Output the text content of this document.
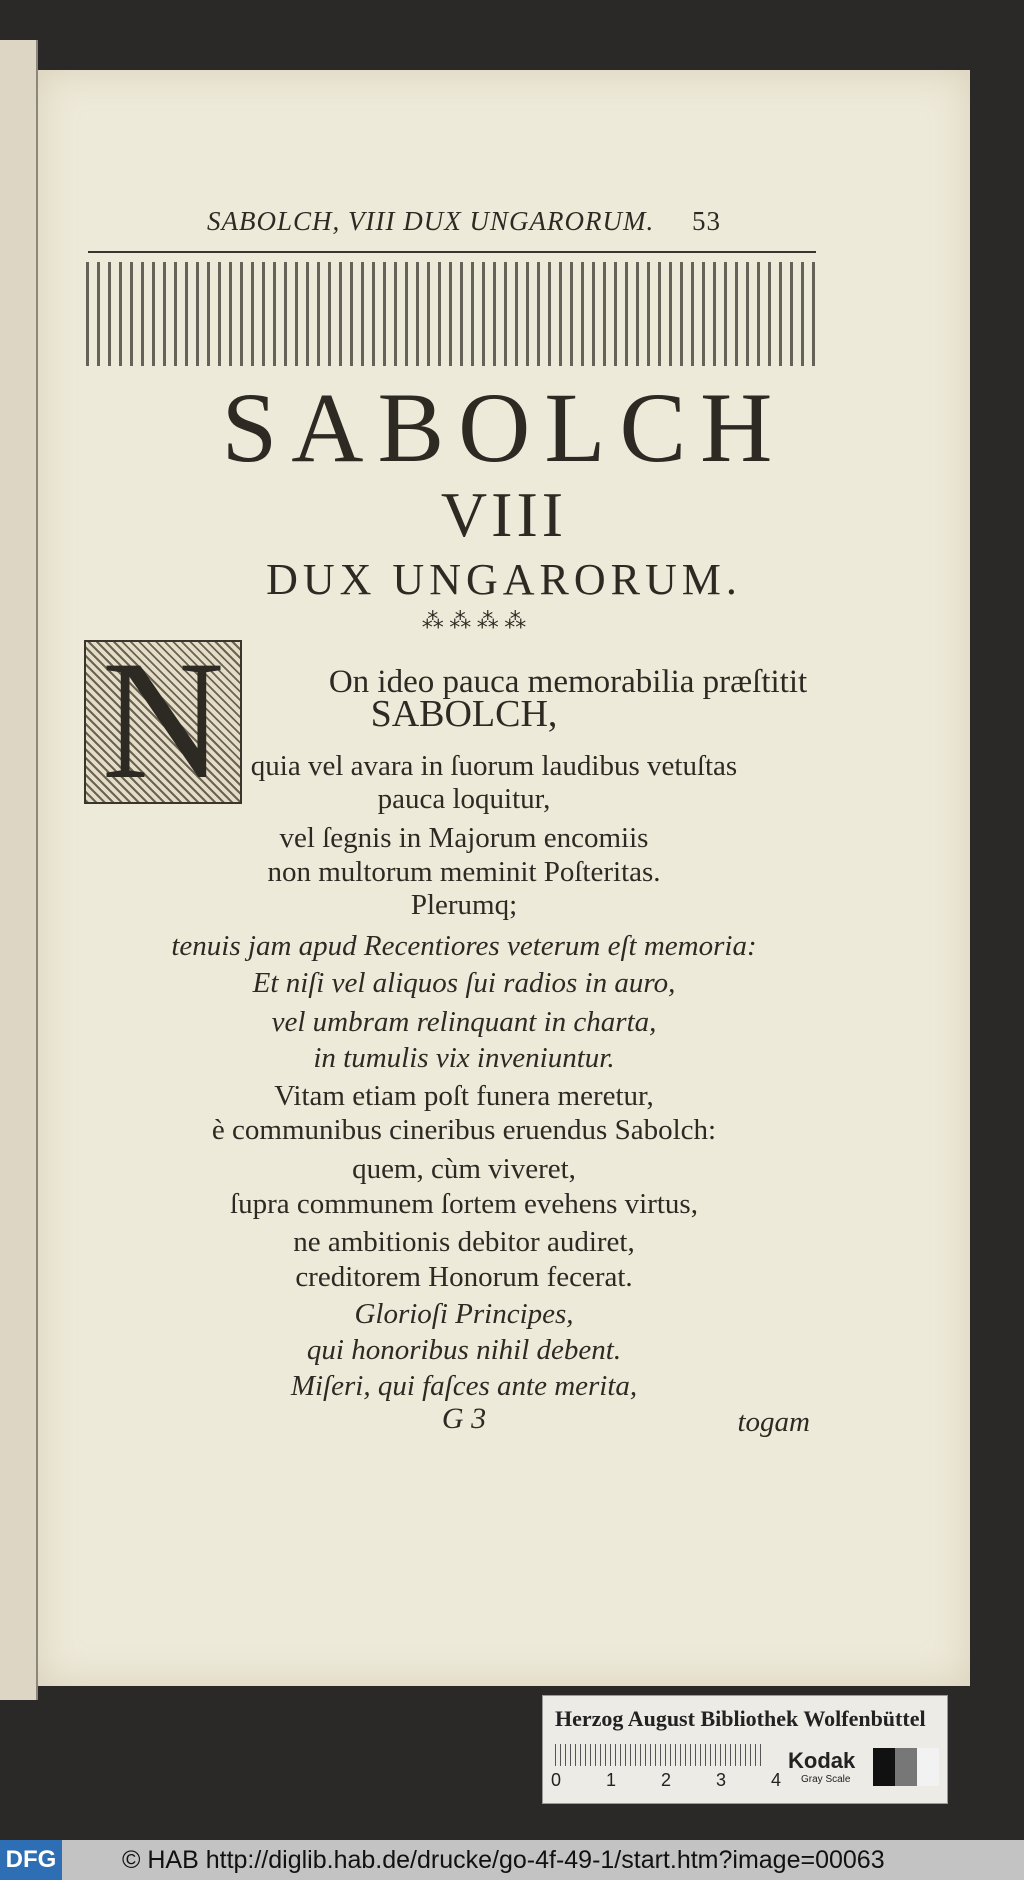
SABOLCH, VIII DUX UNGARORUM. 53
SABOLCH
VIII
DUX UNGARORUM.
⁂ ⁂ ⁂ ⁂
N	On ideo pauca memorabilia præſtitit
SABOLCH,
quia vel avara in ſuorum laudibus vetuſtas
pauca loquitur,
vel ſegnis in Majorum encomiis
non multorum meminit Poſteritas.
Plerumq;
tenuis jam apud Recentiores veterum eſt memoria:
Et niſi vel aliquos ſui radios in auro,
vel umbram relinquant in charta,
in tumulis vix inveniuntur.
Vitam etiam poſt funera meretur,
è communibus cineribus eruendus Sabolch:
quem, cùm viveret,
ſupra communem ſortem evehens virtus,
ne ambitionis debitor audiret,
creditorem Honorum fecerat.
Glorioſi Principes,
qui honoribus nihil debent.
Miſeri, qui faſces ante merita,
G 3	togam
Herzog August Bibliothek Wolfenbüttel
0 1 2 3 4
Kodak
Gray Scale
DFG	© HAB http://diglib.hab.de/drucke/go-4f-49-1/start.htm?image=00063
